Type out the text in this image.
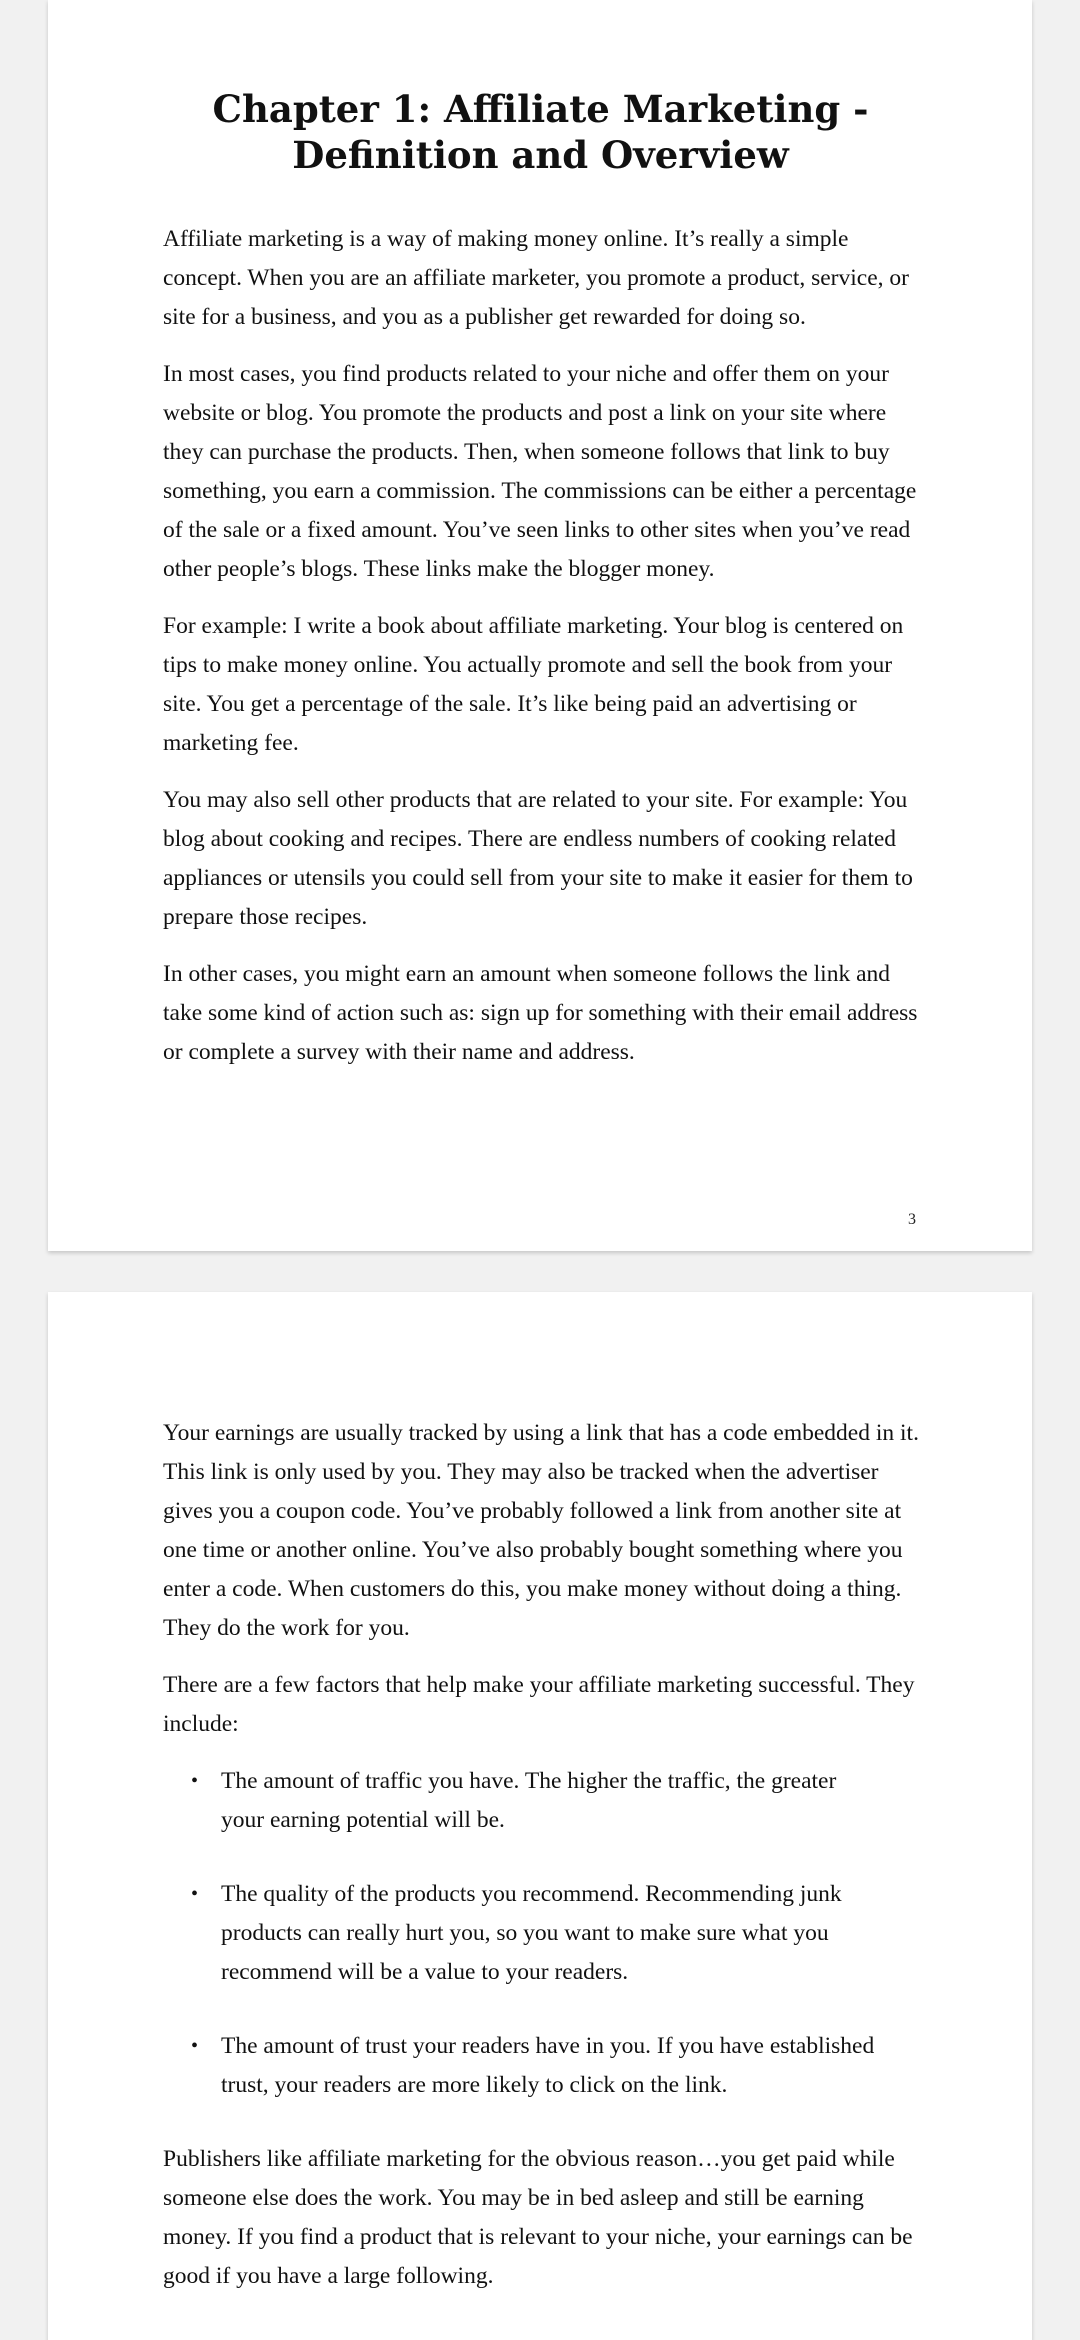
Chapter 1: Affiliate Marketing - Definition and Overview

Affiliate marketing is a way of making money online. It’s really a simple concept. When you are an affiliate marketer, you promote a product, service, or site for a business, and you as a publisher get rewarded for doing so.

In most cases, you find products related to your niche and offer them on your website or blog. You promote the products and post a link on your site where they can purchase the products. Then, when someone follows that link to buy something, you earn a commission. The commissions can be either a percentage of the sale or a fixed amount. You’ve seen links to other sites when you’ve read other people’s blogs. These links make the blogger money.

For example: I write a book about affiliate marketing. Your blog is centered on tips to make money online. You actually promote and sell the book from your site. You get a percentage of the sale. It’s like being paid an advertising or marketing fee.

You may also sell other products that are related to your site. For example: You blog about cooking and recipes. There are endless numbers of cooking related appliances or utensils you could sell from your site to make it easier for them to prepare those recipes.

In other cases, you might earn an amount when someone follows the link and take some kind of action such as: sign up for something with their email address or complete a survey with their name and address.

3

Your earnings are usually tracked by using a link that has a code embedded in it. This link is only used by you. They may also be tracked when the advertiser gives you a coupon code. You’ve probably followed a link from another site at one time or another online. You’ve also probably bought something where you enter a code. When customers do this, you make money without doing a thing. They do the work for you.

There are a few factors that help make your affiliate marketing successful. They include:

• The amount of traffic you have. The higher the traffic, the greater your earning potential will be.
• The quality of the products you recommend. Recommending junk products can really hurt you, so you want to make sure what you recommend will be a value to your readers.
• The amount of trust your readers have in you. If you have established trust, your readers are more likely to click on the link.

Publishers like affiliate marketing for the obvious reason…you get paid while someone else does the work. You may be in bed asleep and still be earning money. If you find a product that is relevant to your niche, your earnings can be good if you have a large following.
